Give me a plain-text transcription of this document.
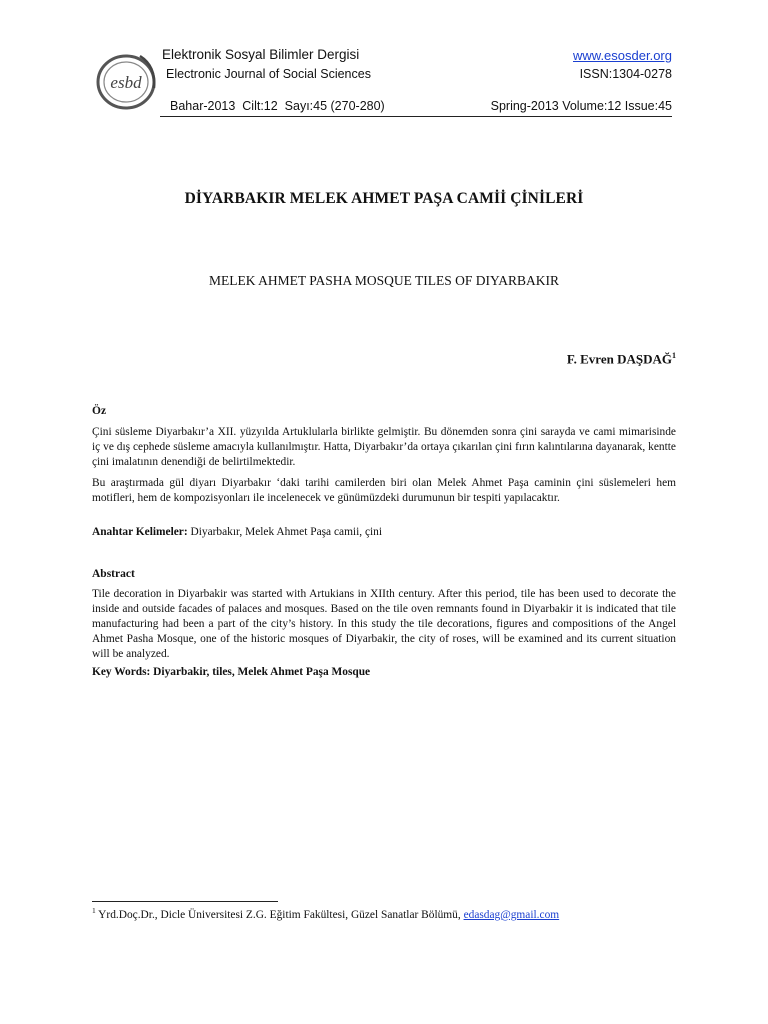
esbd
Elektronik Sosyal Bilimler Dergisi
Electronic Journal of Social Sciences
www.esosder.org
ISSN:1304-0278
Bahar-2013  Cilt:12  Sayı:45 (270-280)	Spring-2013 Volume:12 Issue:45
DİYARBAKIR MELEK AHMET PAŞA CAMİİ ÇİNİLERİ
MELEK AHMET PASHA MOSQUE TILES OF DIYARBAKIR
F. Evren DAŞDAĞ$^1$
Öz

Çini süsleme Diyarbakır’a XII. yüzyılda Artuklularla birlikte gelmiştir. Bu dönemden sonra çini sarayda ve cami mimarisinde iç ve dış cephede süsleme amacıyla kullanılmıştır. Hatta, Diyarbakır’da ortaya çıkarılan çini fırın kalıntılarına dayanarak, kentte çini imalatının denendiği de belirtilmektedir.

Bu araştırmada gül diyarı Diyarbakır ‘daki tarihi camilerden biri olan Melek Ahmet Paşa caminin çini süslemeleri hem motifleri, hem de kompozisyonları ile incelenecek ve günümüzdeki durumunun bir tespiti yapılacaktır.

Anahtar Kelimeler: Diyarbakır, Melek Ahmet Paşa camii, çini
Abstract

Tile decoration in Diyarbakir was started with Artukians in XIIth century. After this period, tile has been used to decorate the inside and outside facades of palaces and mosques. Based on the tile oven remnants found in Diyarbakir it is indicated that tile manufacturing had been a part of the city’s history. In this study the tile decorations, figures and compositions of the Angel Ahmet Pasha Mosque, one of the historic mosques of Diyarbakir, the city of roses, will be examined and its current situation will be analyzed.

Key Words: Diyarbakir, tiles, Melek Ahmet Paşa Mosque
$^1$ Yrd.Doç.Dr., Dicle Üniversitesi Z.G. Eğitim Fakültesi, Güzel Sanatlar Bölümü, edasdag@gmail.com
